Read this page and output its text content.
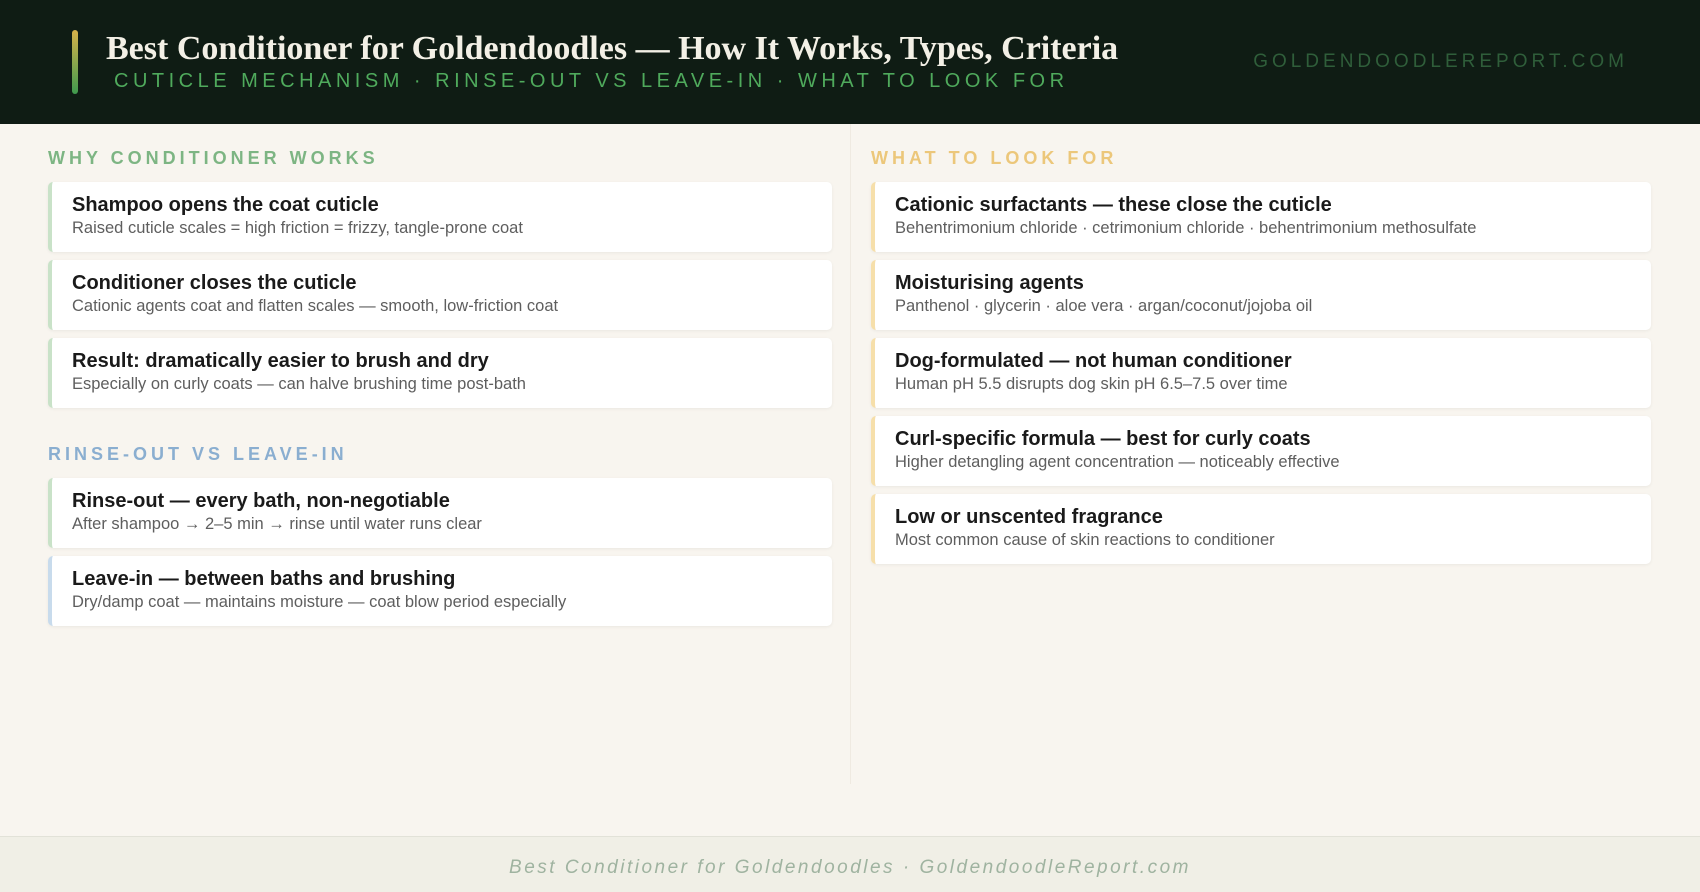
Best Conditioner for Goldendoodles — How It Works, Types, Criteria
CUTICLE MECHANISM · RINSE-OUT VS LEAVE-IN · WHAT TO LOOK FOR
GOLDENDOODLEREPORT.COM
WHY CONDITIONER WORKS
Shampoo opens the coat cuticle
Raised cuticle scales = high friction = frizzy, tangle-prone coat
Conditioner closes the cuticle
Cationic agents coat and flatten scales — smooth, low-friction coat
Result: dramatically easier to brush and dry
Especially on curly coats — can halve brushing time post-bath
RINSE-OUT VS LEAVE-IN
Rinse-out — every bath, non-negotiable
After shampoo → 2–5 min → rinse until water runs clear
Leave-in — between baths and brushing
Dry/damp coat — maintains moisture — coat blow period especially
WHAT TO LOOK FOR
Cationic surfactants — these close the cuticle
Behentrimonium chloride · cetrimonium chloride · behentrimonium methosulfate
Moisturising agents
Panthenol · glycerin · aloe vera · argan/coconut/jojoba oil
Dog-formulated — not human conditioner
Human pH 5.5 disrupts dog skin pH 6.5–7.5 over time
Curl-specific formula — best for curly coats
Higher detangling agent concentration — noticeably effective
Low or unscented fragrance
Most common cause of skin reactions to conditioner
Best Conditioner for Goldendoodles · GoldendoodleReport.com
